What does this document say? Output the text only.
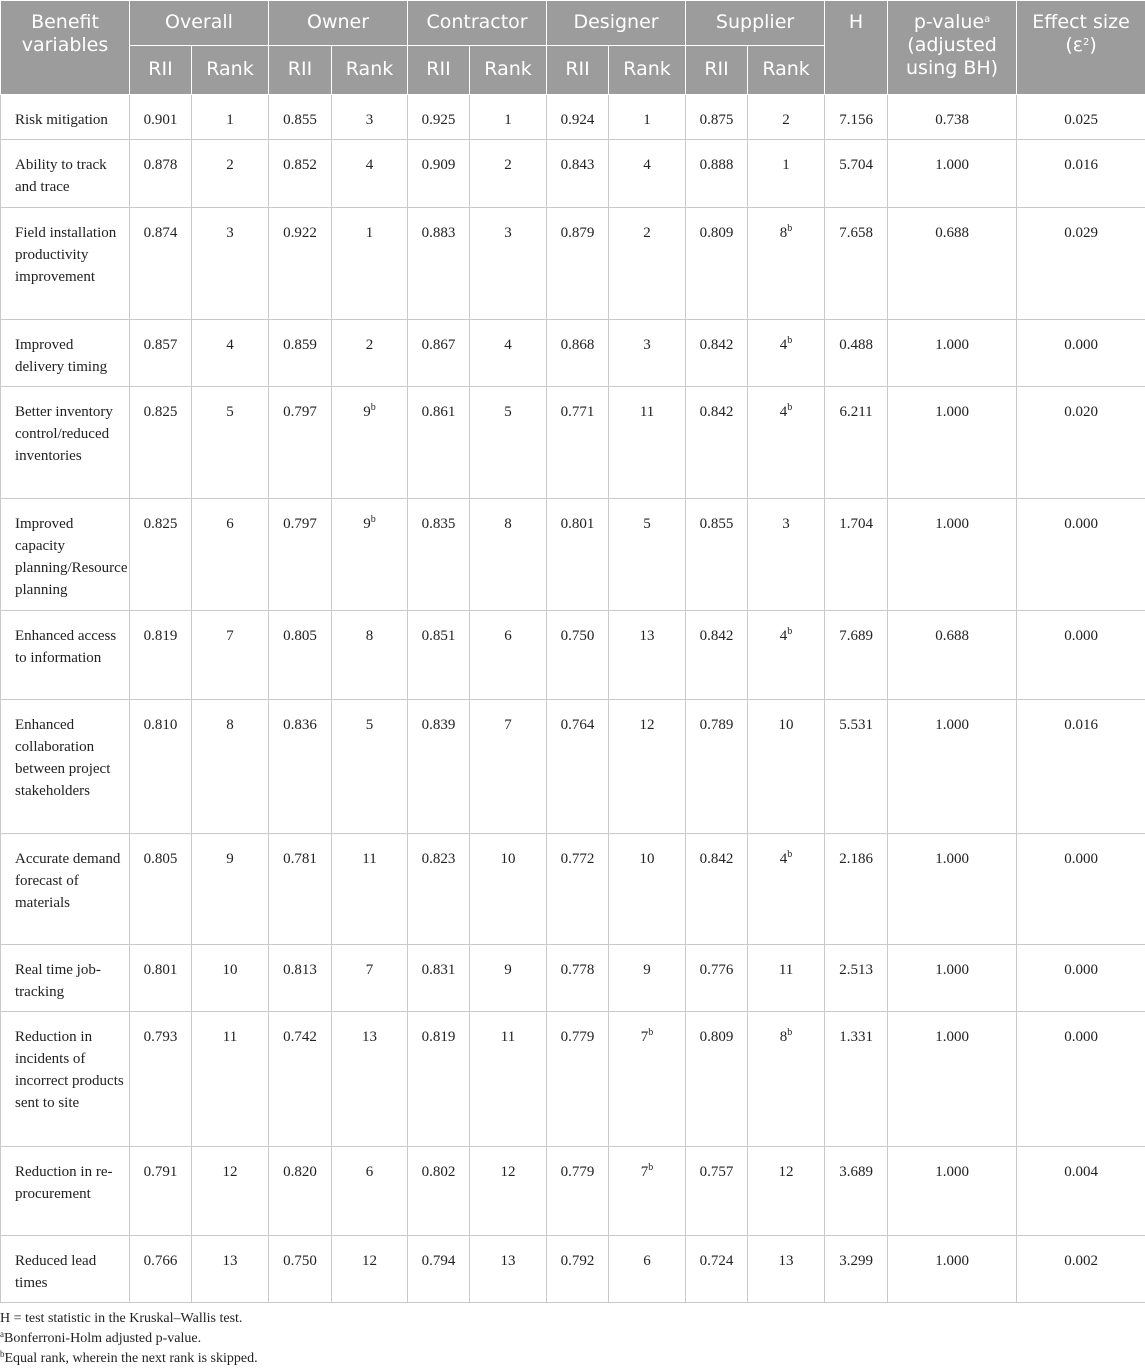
Benefit variables	Overall		Owner		Contractor		Designer		Supplier		H	p-value$^a$
(adjusted using BH)	Effect size $(\varepsilon^2)$
	RII	Rank	RII	Rank	RII	Rank	RII	Rank	RII	Rank			
Risk mitigation	0.901	1	0.855	3	0.925	1	0.924	1	0.875	2	7.156	0.738	0.025
Ability to track and trace	0.878	2	0.852	4	0.909	2	0.843	4	0.888	1	5.704	1.000	0.016
Field installation productivity improvement	0.874	3	0.922	1	0.883	3	0.879	2	0.809	8$^b$	7.658	0.688	0.029
Improved delivery timing	0.857	4	0.859	2	0.867	4	0.868	3	0.842	4$^b$	0.488	1.000	0.000
Better inventory control/reduced inventories	0.825	5	0.797	9$^b$	0.861	5	0.771	11	0.842	4$^b$	6.211	1.000	0.020
Improved capacity planning/Resource planning	0.825	6	0.797	9$^b$	0.835	8	0.801	5	0.855	3	1.704	1.000	0.000
Enhanced access to information	0.819	7	0.805	8	0.851	6	0.750	13	0.842	4$^b$	7.689	0.688	0.000
Enhanced collaboration between project stakeholders	0.810	8	0.836	5	0.839	7	0.764	12	0.789	10	5.531	1.000	0.016
Accurate demand forecast of materials	0.805	9	0.781	11	0.823	10	0.772	10	0.842	4$^b$	2.186	1.000	0.000
Real time job-tracking	0.801	10	0.813	7	0.831	9	0.778	9	0.776	11	2.513	1.000	0.000
Reduction in incidents of incorrect products sent to site	0.793	11	0.742	13	0.819	11	0.779	7$^b$	0.809	8$^b$	1.331	1.000	0.000
Reduction in re-procurement	0.791	12	0.820	6	0.802	12	0.779	7$^b$	0.757	12	3.689	1.000	0.004
Reduced lead times	0.766	13	0.750	12	0.794	13	0.792	6	0.724	13	3.299	1.000	0.002
H = test statistic in the Kruskal–Wallis test.
$^a$Bonferroni-Holm adjusted p-value.
$^b$Equal rank, wherein the next rank is skipped.
